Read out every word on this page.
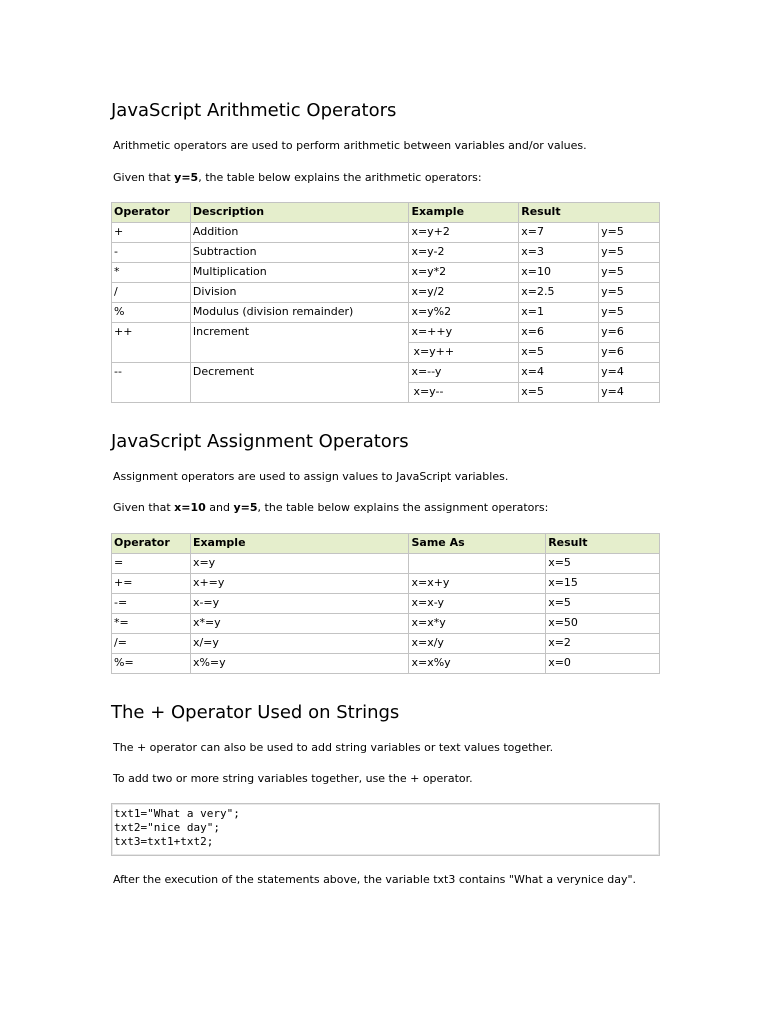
JavaScript Arithmetic Operators

Arithmetic operators are used to perform arithmetic between variables and/or values.

Given that y=5, the table below explains the arithmetic operators:

Operator	Description	Example	Result	
+	Addition	x=y+2	x=7	y=5
-	Subtraction	x=y-2	x=3	y=5
*	Multiplication	x=y*2	x=10	y=5
/	Division	x=y/2	x=2.5	y=5
%	Modulus (division remainder)	x=y%2	x=1	y=5
++	Increment	x=++y	x=6	y=6
		x=y++	x=5	y=6
--	Decrement	x=--y	x=4	y=4
		x=y--	x=5	y=4
JavaScript Assignment Operators

Assignment operators are used to assign values to JavaScript variables.

Given that x=10 and y=5, the table below explains the assignment operators:

Operator	Example	Same As	Result
=	x=y		x=5
+=	x+=y	x=x+y	x=15
-=	x-=y	x=x-y	x=5
*=	x*=y	x=x*y	x=50
/=	x/=y	x=x/y	x=2
%=	x%=y	x=x%y	x=0
The + Operator Used on Strings

The + operator can also be used to add string variables or text values together.

To add two or more string variables together, use the + operator.

txt1="What a very";
txt2="nice day";
txt3=txt1+txt2;

After the execution of the statements above, the variable txt3 contains "What a verynice day".
